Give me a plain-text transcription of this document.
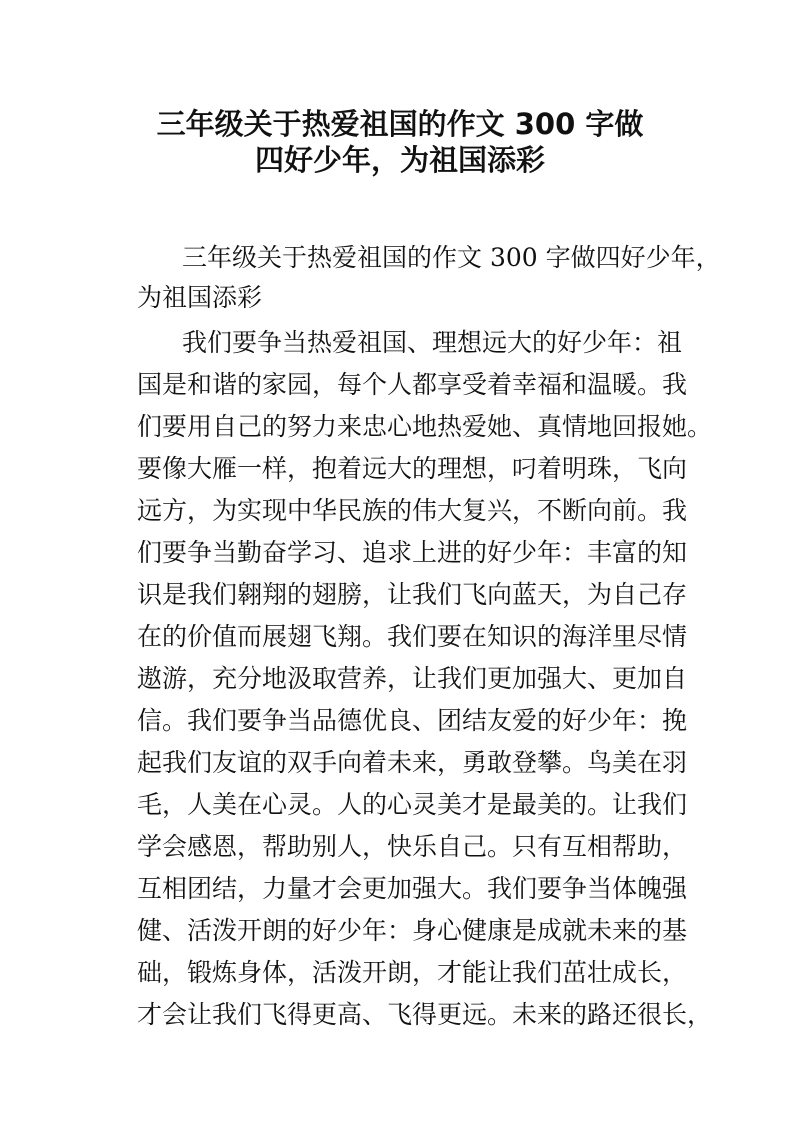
三年级关于热爱祖国的作文 300 字做
四好少年，为祖国添彩
三年级关于热爱祖国的作文 300 字做四好少年，
为祖国添彩
我们要争当热爱祖国、理想远大的好少年：祖
国是和谐的家园，每个人都享受着幸福和温暖。我
们要用自己的努力来忠心地热爱她、真情地回报她。
要像大雁一样，抱着远大的理想，叼着明珠，飞向
远方，为实现中华民族的伟大复兴，不断向前。我
们要争当勤奋学习、追求上进的好少年：丰富的知
识是我们翱翔的翅膀，让我们飞向蓝天，为自己存
在的价值而展翅飞翔。我们要在知识的海洋里尽情
遨游，充分地汲取营养，让我们更加强大、更加自
信。我们要争当品德优良、团结友爱的好少年：挽
起我们友谊的双手向着未来，勇敢登攀。鸟美在羽
毛，人美在心灵。人的心灵美才是最美的。让我们
学会感恩，帮助别人，快乐自己。只有互相帮助，
互相团结，力量才会更加强大。我们要争当体魄强
健、活泼开朗的好少年：身心健康是成就未来的基
础，锻炼身体，活泼开朗，才能让我们茁壮成长，
才会让我们飞得更高、飞得更远。未来的路还很长，
